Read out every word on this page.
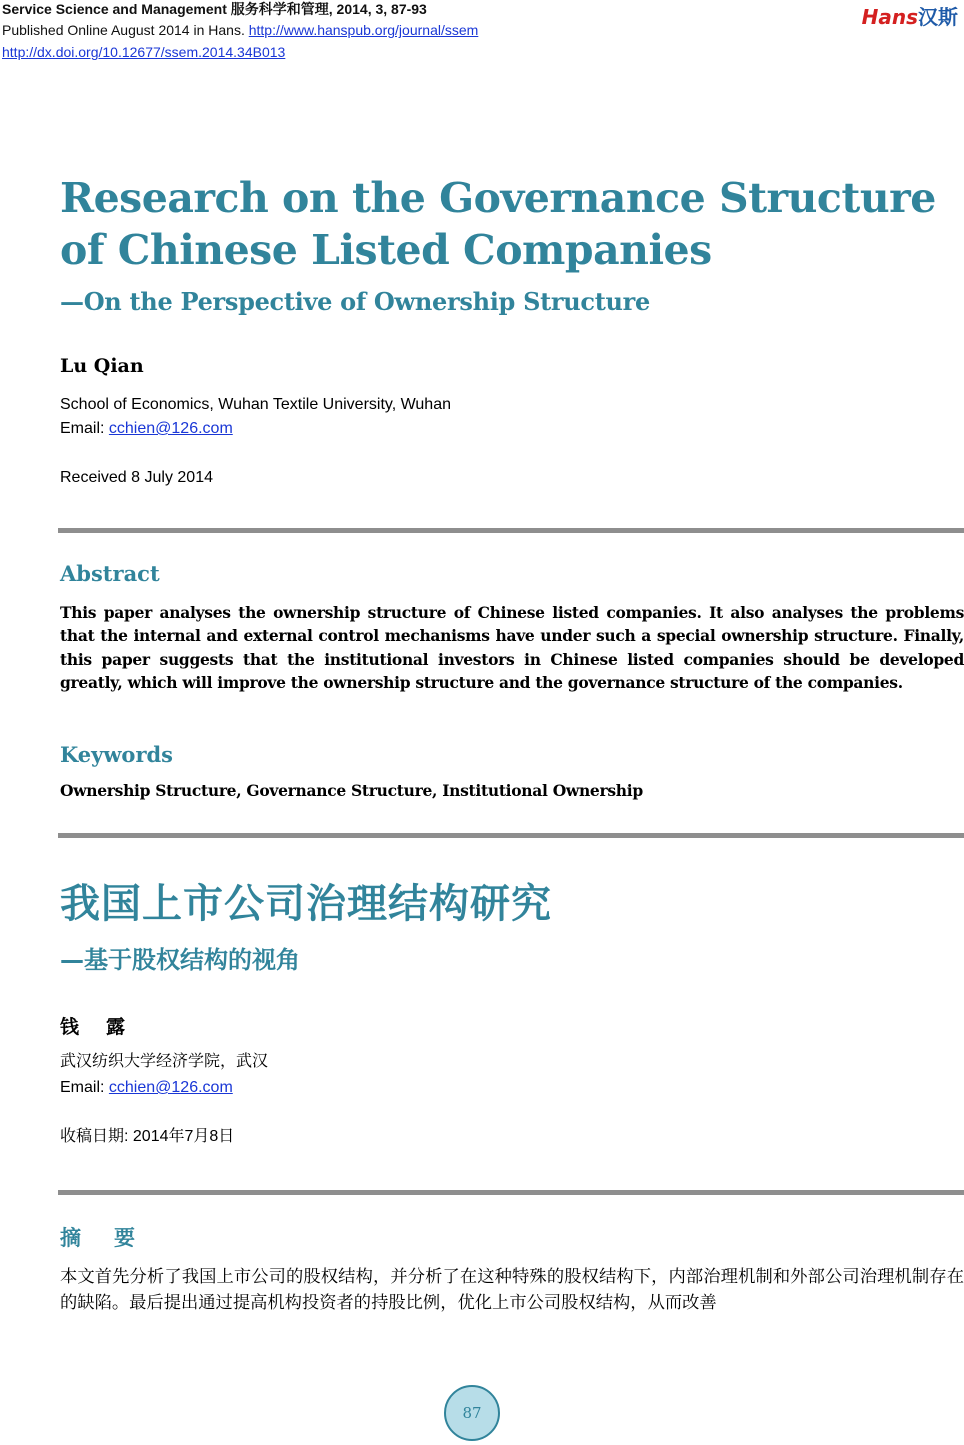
Service Science and Management 服务科学和管理, 2014, 3, 87-93
Published Online August 2014 in Hans. http://www.hanspub.org/journal/ssem
http://dx.doi.org/10.12677/ssem.2014.34B013
Hans汉斯
Research on the Governance Structure of Chinese Listed Companies
—On the Perspective of Ownership Structure
Lu Qian
School of Economics, Wuhan Textile University, Wuhan
Email: cchien@126.com
Received 8 July 2014
Abstract
This paper analyses the ownership structure of Chinese listed companies. It also analyses the problems that the internal and external control mechanisms have under such a special ownership structure. Finally, this paper suggests that the institutional investors in Chinese listed companies should be developed greatly, which will improve the ownership structure and the governance structure of the companies.
Keywords
Ownership Structure, Governance Structure, Institutional Ownership
我国上市公司治理结构研究
—基于股权结构的视角
钱　露
武汉纺织大学经济学院，武汉
Email: cchien@126.com
收稿日期: 2014年7月8日
摘　要
本文首先分析了我国上市公司的股权结构，并分析了在这种特殊的股权结构下，内部治理机制和外部公司治理机制存在的缺陷。最后提出通过提高机构投资者的持股比例，优化上市公司股权结构，从而改善
87
